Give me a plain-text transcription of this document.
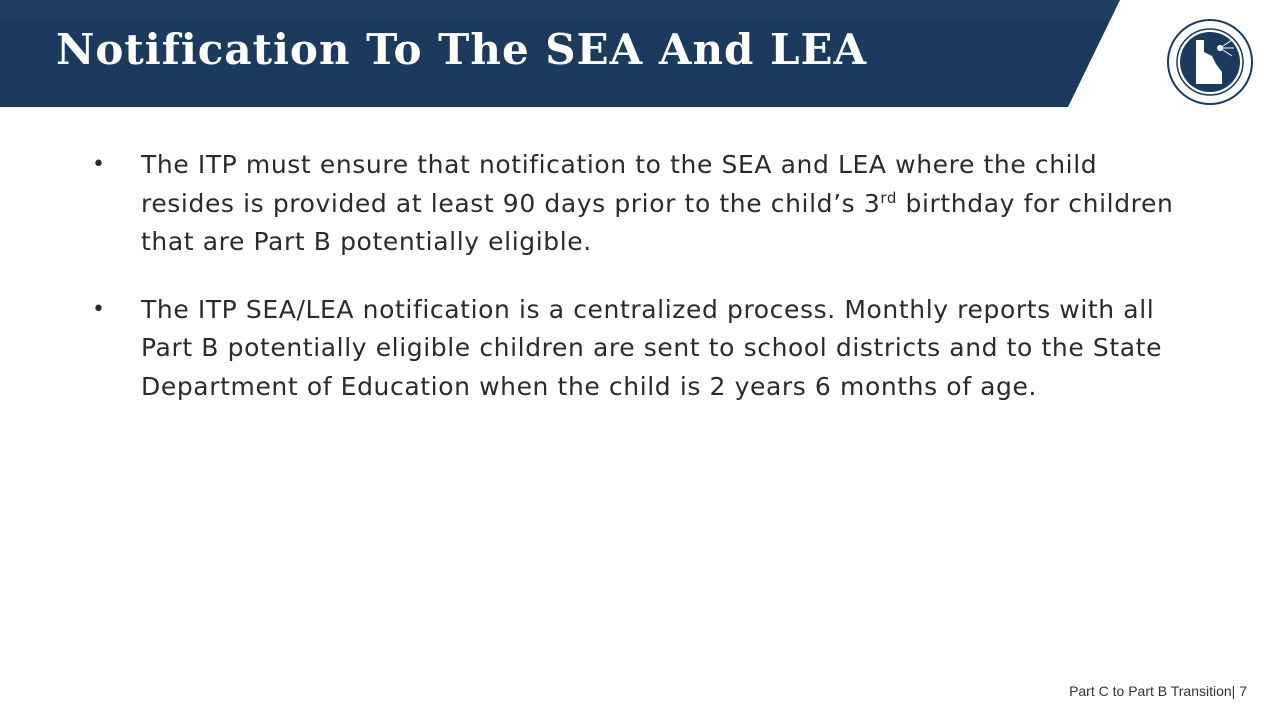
Notification To The SEA And LEA
• The ITP must ensure that notification to the SEA and LEA where the child resides is provided at least 90 days prior to the child’s 3rd birthday for children that are Part B potentially eligible.
• The ITP SEA/LEA notification is a centralized process. Monthly reports with all Part B potentially eligible children are sent to school districts and to the State Department of Education when the child is 2 years 6 months of age.
Part C to Part B Transition| 7
